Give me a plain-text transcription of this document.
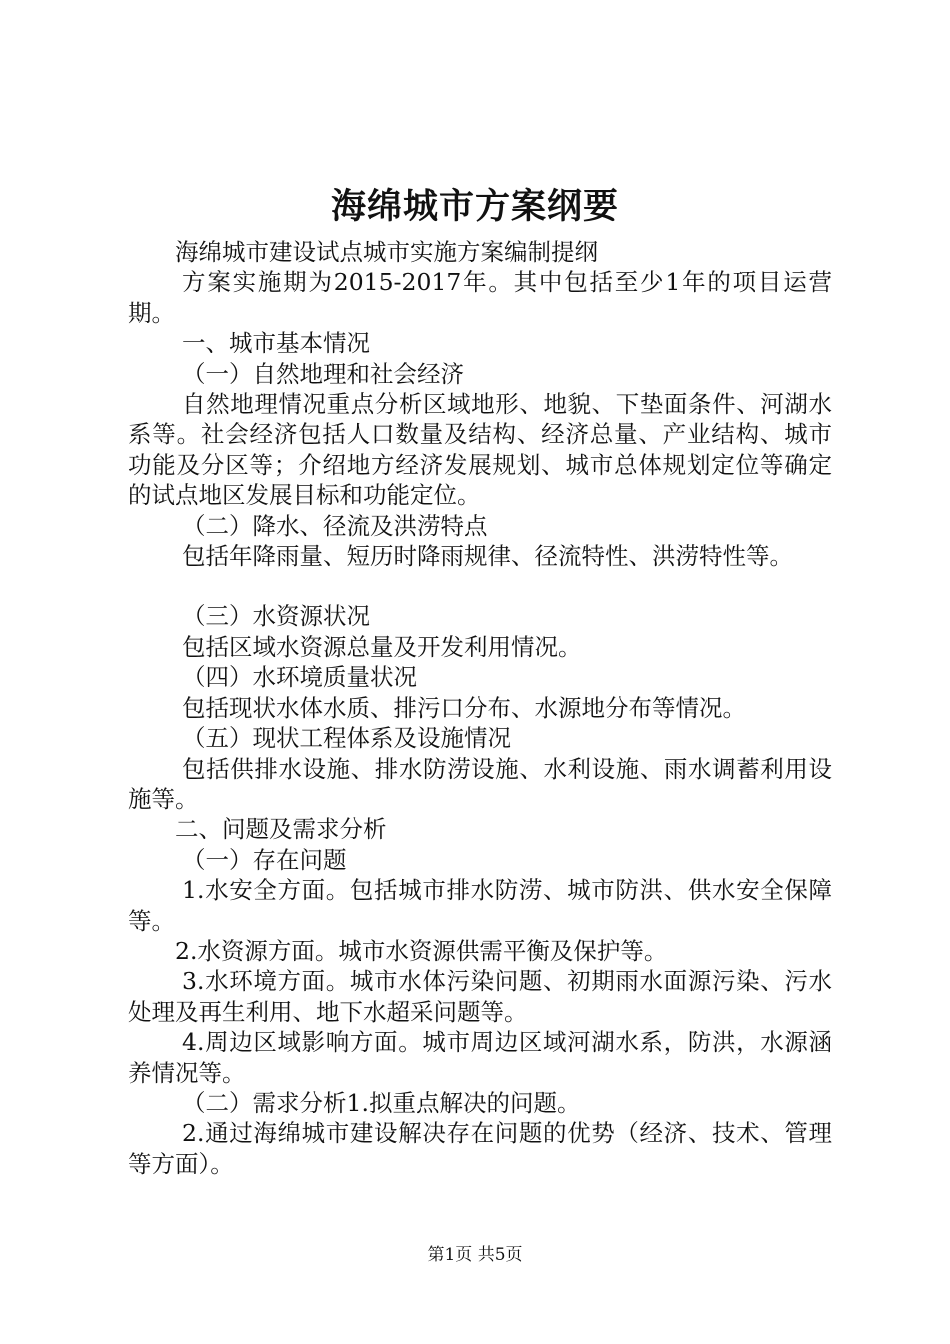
海绵城市方案纲要

海绵城市建设试点城市实施方案编制提纲

方案实施期为2015-2017年。其中包括至少1年的项目运营期。

一、城市基本情况

（一）自然地理和社会经济

自然地理情况重点分析区域地形、地貌、下垫面条件、河湖水系等。社会经济包括人口数量及结构、经济总量、产业结构、城市功能及分区等；介绍地方经济发展规划、城市总体规划定位等确定的试点地区发展目标和功能定位。

（二）降水、径流及洪涝特点

包括年降雨量、短历时降雨规律、径流特性、洪涝特性等。

（三）水资源状况

包括区域水资源总量及开发利用情况。

（四）水环境质量状况

包括现状水体水质、排污口分布、水源地分布等情况。

（五）现状工程体系及设施情况

包括供排水设施、排水防涝设施、水利设施、雨水调蓄利用设施等。

二、问题及需求分析

（一）存在问题

1.水安全方面。包括城市排水防涝、城市防洪、供水安全保障等。

2.水资源方面。城市水资源供需平衡及保护等。

3.水环境方面。城市水体污染问题、初期雨水面源污染、污水处理及再生利用、地下水超采问题等。

4.周边区域影响方面。城市周边区域河湖水系，防洪，水源涵养情况等。

（二）需求分析1.拟重点解决的问题。

2.通过海绵城市建设解决存在问题的优势（经济、技术、管理等方面）。

第1页 共5页
